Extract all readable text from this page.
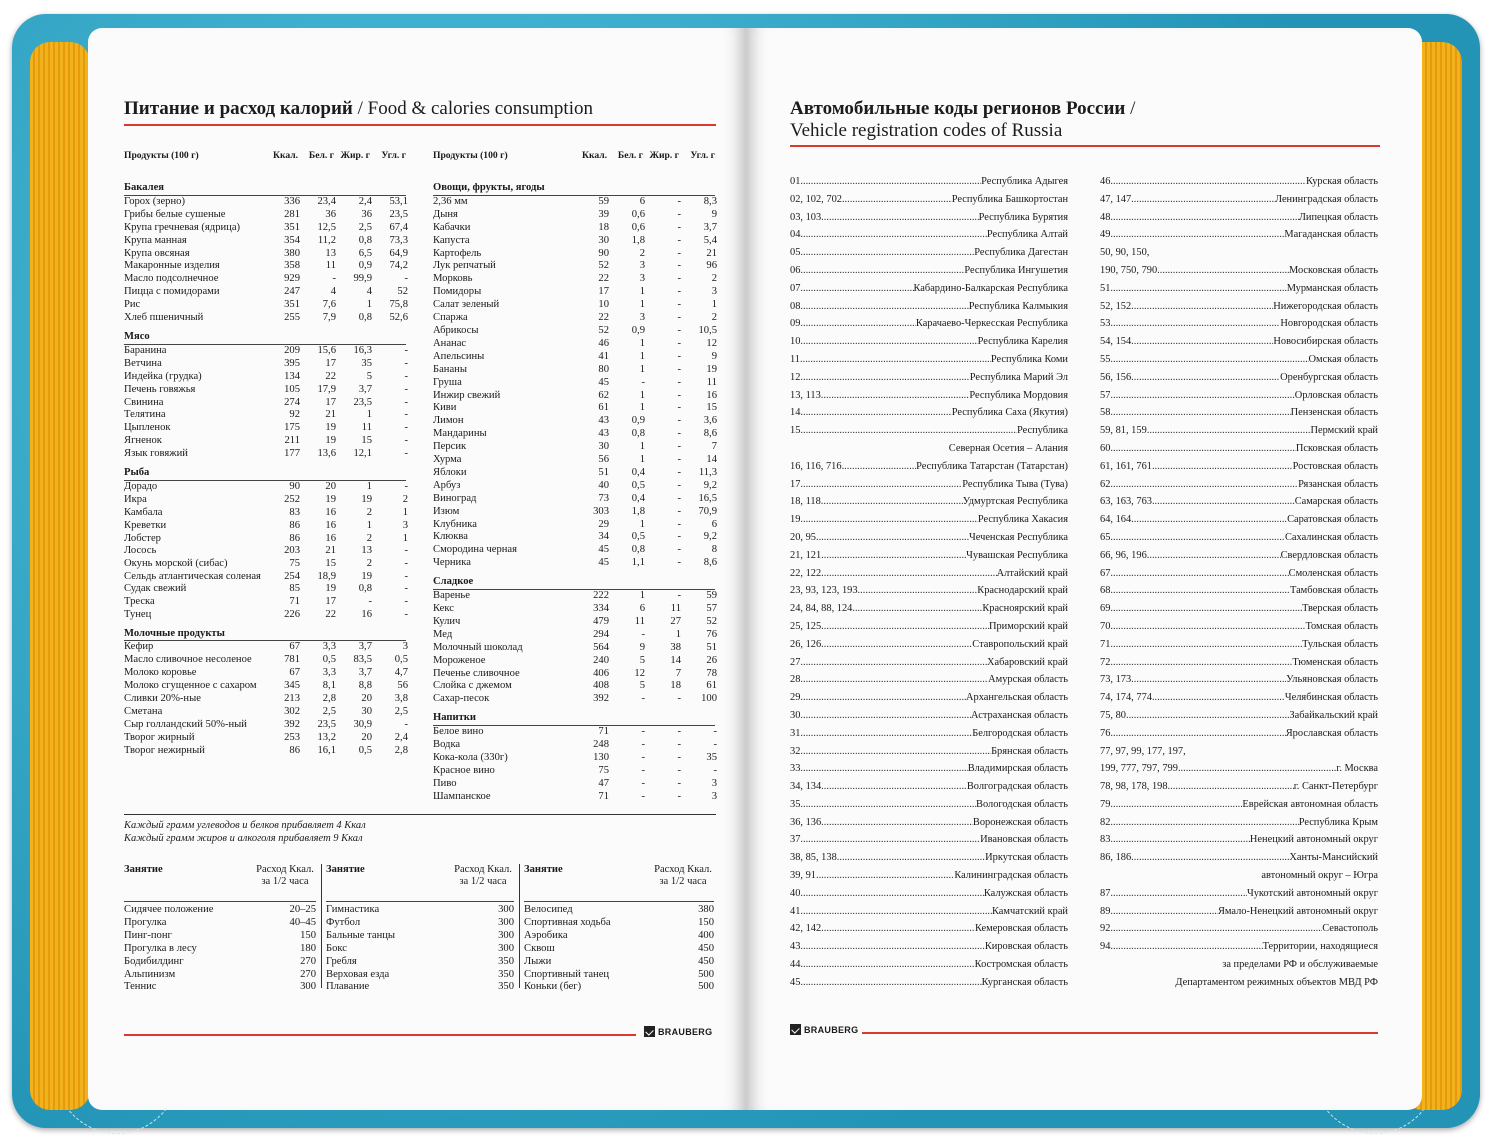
Питание и расход калорий / Food & calories consumption
Продукты (100 г)	Ккал.	Бел. г Жир. г	Угл. г
Бакалея
Горох (зерно)	336	23,4	2,4	53,1
Грибы белые сушеные	281	36	36	23,5
Крупа гречневая (ядрица)	351	12,5	2,5	67,4
Крупа манная	354	11,2	0,8	73,3
Крупа овсяная	380	13	6,5	64,9
Макаронные изделия	358	11	0,9	74,2
Масло подсолнечное	929	-	99,9	-
Пицца с помидорами	247	4	4	52
Рис	351	7,6	1	75,8
Хлеб пшеничный	255	7,9	0,8	52,6
Мясо
Баранина	209	15,6	16,3	-
Ветчина	395	17	35	-
Индейка (грудка)	134	22	5	-
Печень говяжья	105	17,9	3,7	-
Свинина	274	17	23,5	-
Телятина	92	21	1	-
Цыпленок	175	19	11	-
Ягненок	211	19	15	-
Язык говяжий	177	13,6	12,1	-
Рыба
Дорадо	90	20	1	-
Икра	252	19	19	2
Камбала	83	16	2	1
Креветки	86	16	1	3
Лобстер	86	16	2	1
Лосось	203	21	13	-
Окунь морской (сибас)	75	15	2	-
Сельдь атлантическая соленая	254	18,9	19	-
Судак свежий	85	19	0,8	-
Треска	71	17	-	-
Тунец	226	22	16	-
Молочные продукты
Кефир	67	3,3	3,7	3
Масло сливочное несоленое	781	0,5	83,5	0,5
Молоко коровье	67	3,3	3,7	4,7
Молоко сгущенное с сахаром	345	8,1	8,8	56
Сливки 20%-ные	213	2,8	20	3,8
Сметана	302	2,5	30	2,5
Сыр голландский 50%-ный	392	23,5	30,9	-
Творог жирный	253	13,2	20	2,4
Творог нежирный	86	16,1	0,5	2,8
Продукты (100 г)	Ккал.	Бел. г Жир. г	Угл. г
Овощи, фрукты, ягоды
2,36 мм	59	6	-	8,3
Дыня	39	0,6	-	9
Кабачки	18	0,6	-	3,7
Капуста	30	1,8	-	5,4
Картофель	90	2	-	21
Лук репчатый	52	3	-	96
Морковь	22	3	-	2
Помидоры	17	1	-	3
Салат зеленый	10	1	-	1
Спаржа	22	3	-	2
Абрикосы	52	0,9	-	10,5
Ананас	46	1	-	12
Апельсины	41	1	-	9
Бананы	80	1	-	19
Груша	45	-	-	11
Инжир свежий	62	1	-	16
Киви	61	1	-	15
Лимон	43	0,9	-	3,6
Мандарины	43	0,8	-	8,6
Персик	30	1	-	7
Хурма	56	1	-	14
Яблоки	51	0,4	-	11,3
Арбуз	40	0,5	-	9,2
Виноград	73	0,4	-	16,5
Изюм	303	1,8	-	70,9
Клубника	29	1	-	6
Клюква	34	0,5	-	9,2
Смородина черная	45	0,8	-	8
Черника	45	1,1	-	8,6
Сладкое
Варенье	222	1	-	59
Кекс	334	6	11	57
Кулич	479	11	27	52
Мед	294	-	1	76
Молочный шоколад	564	9	38	51
Мороженое	240	5	14	26
Печенье сливочное	406	12	7	78
Слойка с джемом	408	5	18	61
Сахар-песок	392	-	-	100
Напитки
Белое вино	71	-	-	-
Водка	248	-	-	-
Кока-кола (330г)	130	-	-	35
Красное вино	75	-	-	-
Пиво	47	-	-	3
Шампанское	71	-	-	3
Каждый грамм углеводов и белков прибавляет 4 Ккал
Каждый грамм жиров и алкоголя прибавляет 9 Ккал
Занятие	Расход Ккал. за 1/2 часа
Сидячее положение	20–25
Прогулка	40–45
Пинг-понг	150
Прогулка в лесу	180
Бодибилдинг	270
Альпинизм	270
Теннис	300
Занятие	Расход Ккал. за 1/2 часа
Гимнастика	300
Футбол	300
Бальные танцы	300
Бокс	300
Гребля	350
Верховая езда	350
Плавание	350
Занятие	Расход Ккал. за 1/2 часа
Велосипед	380
Спортивная ходьба	150
Аэробика	400
Сквош	450
Лыжи	450
Спортивный танец	500
Коньки (бег)	500
BRAUBERG
Автомобильные коды регионов России /
Vehicle registration codes of Russia
01 .....	Республика Адыгея
02, 102, 702 .....	Республика Башкортостан
03, 103 .....	Республика Бурятия
04 .....	Республика Алтай
05 .....	Республика Дагестан
06 .....	Республика Ингушетия
07 .....	Кабардино-Балкарская Республика
08 .....	Республика Калмыкия
09 .....	Карачаево-Черкесская Республика
10 .....	Республика Карелия
11 .....	Республика Коми
12 .....	Республика Марий Эл
13, 113 .....	Республика Мордовия
14 .....	Республика Саха (Якутия)
15 .....	Республика
Северная Осетия – Алания
16, 116, 716 .....	Республика Татарстан (Татарстан)
17 .....	Республика Тыва (Тува)
18, 118 .....	Удмуртская Республика
19 .....	Республика Хакасия
20, 95 .....	Чеченская Республика
21, 121 .....	Чувашская Республика
22, 122 .....	Алтайский край
23, 93, 123, 193 .....	Краснодарский край
24, 84, 88, 124 .....	Красноярский край
25, 125 .....	Приморский край
26, 126 .....	Ставропольский край
27 .....	Хабаровский край
28 .....	Амурская область
29 .....	Архангельская область
30 .....	Астраханская область
31 .....	Белгородская область
32 .....	Брянская область
33 .....	Владимирская область
34, 134 .....	Волгоградская область
35 .....	Вологодская область
36, 136 .....	Воронежская область
37 .....	Ивановская область
38, 85, 138 .....	Иркутская область
39, 91 .....	Калининградская область
40 .....	Калужская область
41 .....	Камчатский край
42, 142 .....	Кемеровская область
43 .....	Кировская область
44 .....	Костромская область
45 .....	Курганская область
46 .....	Курская область
47, 147 .....	Ленинградская область
48 .....	Липецкая область
49 .....	Магаданская область
50, 90, 150,
190, 750, 790 .....	Московская область
51 .....	Мурманская область
52, 152 .....	Нижегородская область
53 .....	Новгородская область
54, 154 .....	Новосибирская область
55 .....	Омская область
56, 156 .....	Оренбургская область
57 .....	Орловская область
58 .....	Пензенская область
59, 81, 159 .....	Пермский край
60 .....	Псковская область
61, 161, 761 .....	Ростовская область
62 .....	Рязанская область
63, 163, 763 .....	Самарская область
64, 164 .....	Саратовская область
65 .....	Сахалинская область
66, 96, 196 .....	Свердловская область
67 .....	Смоленская область
68 .....	Тамбовская область
69 .....	Тверская область
70 .....	Томская область
71 .....	Тульская область
72 .....	Тюменская область
73, 173 .....	Ульяновская область
74, 174, 774 .....	Челябинская область
75, 80 .....	Забайкальский край
76 .....	Ярославская область
77, 97, 99, 177, 197,
199, 777, 797, 799 .....	г. Москва
78, 98, 178, 198 .....	г. Санкт-Петербург
79 .....	Еврейская автономная область
82 .....	Республика Крым
83 .....	Ненецкий автономный округ
86, 186 .....	Ханты-Мансийский
автономный округ – Югра
87 .....	Чукотский автономный округ
89 .....	Ямало-Ненецкий автономный округ
92 .....	Севастополь
94 .....	Территории, находящиеся
за пределами РФ и обслуживаемые
Департаментом режимных объектов МВД РФ
BRAUBERG
